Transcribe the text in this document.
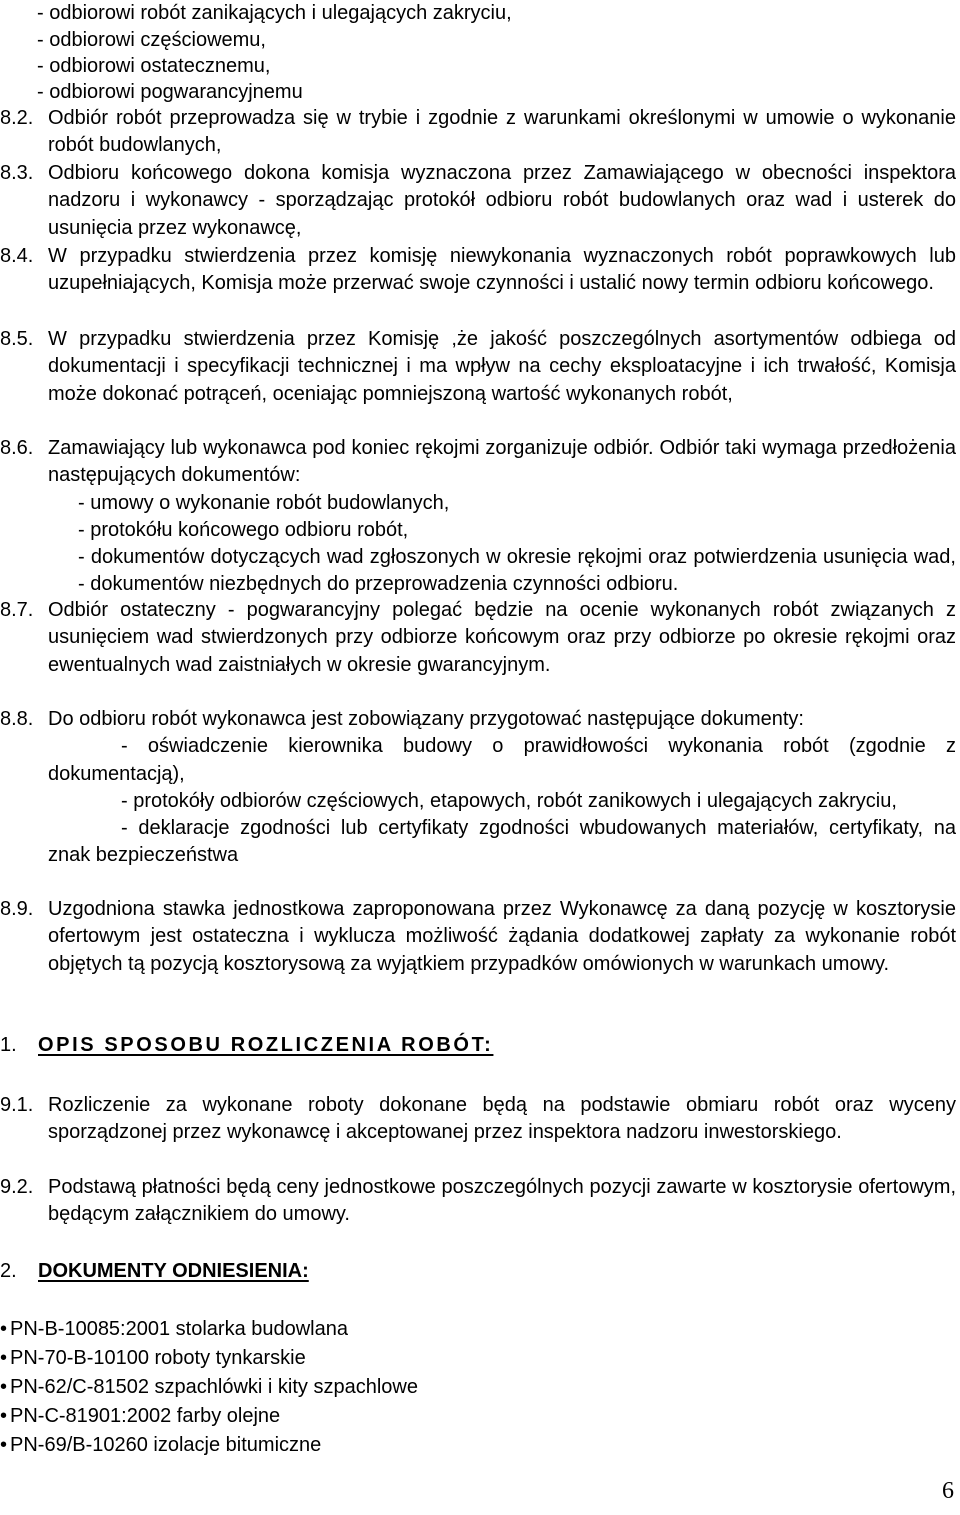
- odbiorowi robót zanikających i ulegających zakryciu,
- odbiorowi częściowemu,
- odbiorowi ostatecznemu,
- odbiorowi pogwarancyjnemu
8.2. Odbiór robót przeprowadza się w trybie i zgodnie z warunkami określonymi w umowie o wykonanie robót budowlanych,

8.3. Odbioru końcowego dokona komisja wyznaczona przez Zamawiającego w obecności inspektora nadzoru i wykonawcy - sporządzając protokół odbioru robót budowlanych oraz wad i usterek do usunięcia przez wykonawcę,

8.4. W przypadku stwierdzenia przez komisję niewykonania wyznaczonych robót poprawkowych lub uzupełniających, Komisja może przerwać swoje czynności i ustalić nowy termin odbioru końcowego.

8.5. W przypadku stwierdzenia przez Komisję ,że jakość poszczególnych asortymentów odbiega od dokumentacji i specyfikacji technicznej i ma wpływ na cechy eksploatacyjne i ich trwałość, Komisja może dokonać potrąceń, oceniając pomniejszoną wartość wykonanych robót,

8.6. Zamawiający lub wykonawca pod koniec rękojmi zorganizuje odbiór. Odbiór taki wymaga przedłożenia następujących dokumentów:

- umowy o wykonanie robót budowlanych,

- protokółu końcowego odbioru robót,

- dokumentów dotyczących wad zgłoszonych w okresie rękojmi oraz potwierdzenia usunięcia wad, - dokumentów niezbędnych do przeprowadzenia czynności odbioru.

8.7. Odbiór ostateczny - pogwarancyjny polegać będzie na ocenie wykonanych robót związanych z usunięciem wad stwierdzonych przy odbiorze końcowym oraz przy odbiorze po okresie rękojmi oraz ewentualnych wad zaistniałych w okresie gwarancyjnym.

8.8. Do odbioru robót wykonawca jest zobowiązany przygotować następujące dokumenty:

- oświadczenie kierownika budowy o prawidłowości wykonania robót (zgodnie z dokumentacją),

- protokóły odbiorów częściowych, etapowych, robót zanikowych i ulegających zakryciu,

- deklaracje zgodności lub certyfikaty zgodności wbudowanych materiałów, certyfikaty, na znak bezpieczeństwa

8.9. Uzgodniona stawka jednostkowa zaproponowana przez Wykonawcę za daną pozycję w kosztorysie ofertowym jest ostateczna i wyklucza możliwość żądania dodatkowej zapłaty za wykonanie robót objętych tą pozycją kosztorysową za wyjątkiem przypadków omówionych w warunkach umowy.

1. OPIS SPOSOBU ROZLICZENIA ROBÓT:
9.1. Rozliczenie za wykonane roboty dokonane będą na podstawie obmiaru robót oraz wyceny sporządzonej przez wykonawcę i akceptowanej przez inspektora nadzoru inwestorskiego.

9.2. Podstawą płatności będą ceny jednostkowe poszczególnych pozycji zawarte w kosztorysie ofertowym, będącym załącznikiem do umowy.

2. DOKUMENTY ODNIESIENIA:
• PN-B-10085:2001 stolarka budowlana
• PN-70-B-10100 roboty tynkarskie
• PN-62/C-81502 szpachlówki i kity szpachlowe
• PN-C-81901:2002 farby olejne
• PN-69/B-10260 izolacje bitumiczne
6
